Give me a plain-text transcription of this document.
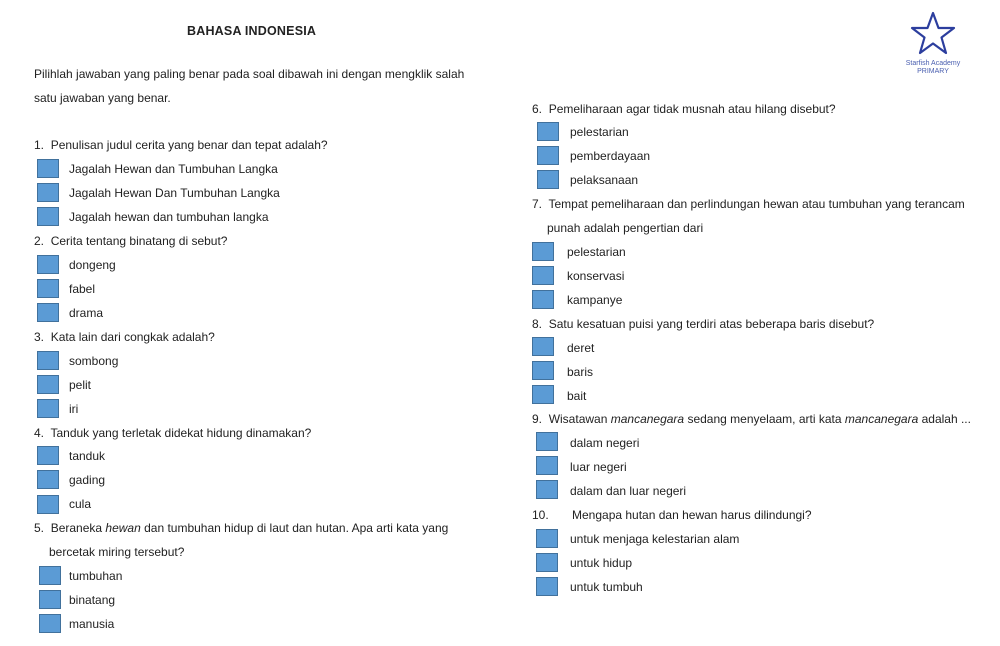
BAHASA INDONESIA
Starfish Academy
PRIMARY
Pilihlah jawaban yang paling benar pada soal dibawah ini dengan mengklik salah
satu jawaban yang benar.
1. Penulisan judul cerita yang benar dan tepat adalah?
Jagalah Hewan dan Tumbuhan Langka
Jagalah Hewan Dan Tumbuhan Langka
Jagalah hewan dan tumbuhan langka
2. Cerita tentang binatang di sebut?
dongeng
fabel
drama
3. Kata lain dari congkak adalah?
sombong
pelit
iri
4. Tanduk yang terletak didekat hidung dinamakan?
tanduk
gading
cula
5. Beraneka hewan dan tumbuhan hidup di laut dan hutan. Apa arti kata yang
bercetak miring tersebut?
tumbuhan
binatang
manusia
6. Pemeliharaan agar tidak musnah atau hilang disebut?
pelestarian
pemberdayaan
pelaksanaan
7. Tempat pemeliharaan dan perlindungan hewan atau tumbuhan yang terancam
punah adalah pengertian dari
pelestarian
konservasi
kampanye
8. Satu kesatuan puisi yang terdiri atas beberapa baris disebut?
deret
baris
bait
9. Wisatawan mancanegara sedang menyelaam, arti kata mancanegara adalah ...
dalam negeri
luar negeri
dalam dan luar negeri
10. Mengapa hutan dan hewan harus dilindungi?
untuk menjaga kelestarian alam
untuk hidup
untuk tumbuh
